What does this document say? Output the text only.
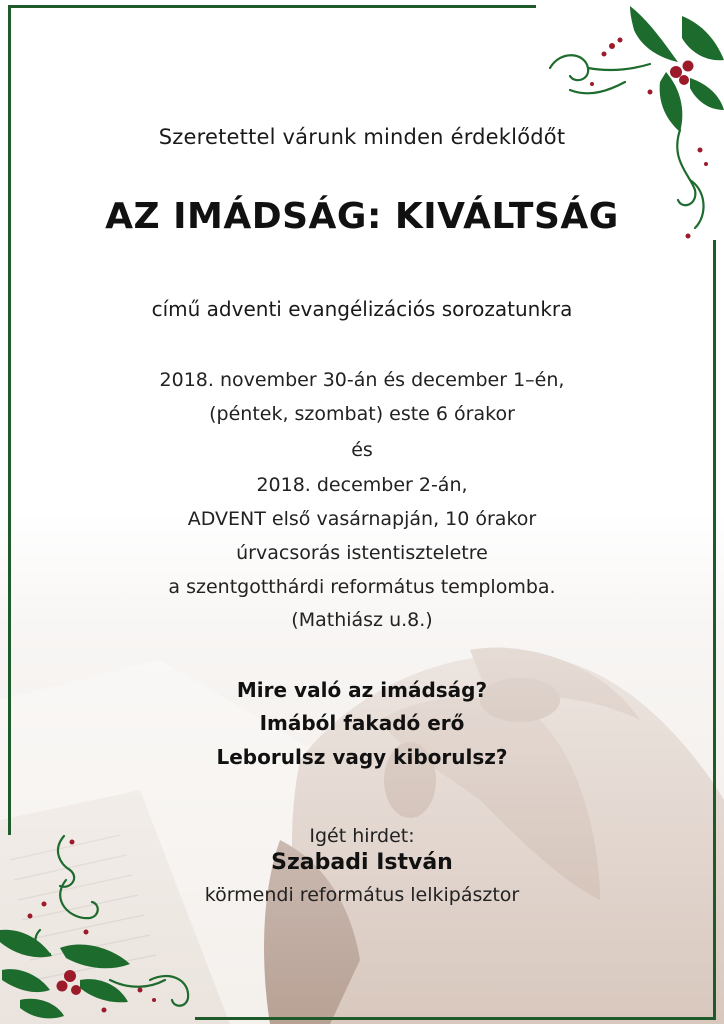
Szeretettel várunk minden érdeklődőt
AZ IMÁDSÁG: KIVÁLTSÁG
című adventi evangélizációs sorozatunkra
2018. november 30-án és december 1–én,
(péntek, szombat) este 6 órakor
és
2018. december 2-án,
ADVENT első vasárnapján, 10 órakor
úrvacsorás istentiszteletre
a szentgotthárdi református templomba.
(Mathiász u.8.)
Mire való az imádság?
Imából fakadó erő
Leborulsz vagy kiborulsz?
Igét hirdet:
Szabadi István
körmendi református lelkipásztor
